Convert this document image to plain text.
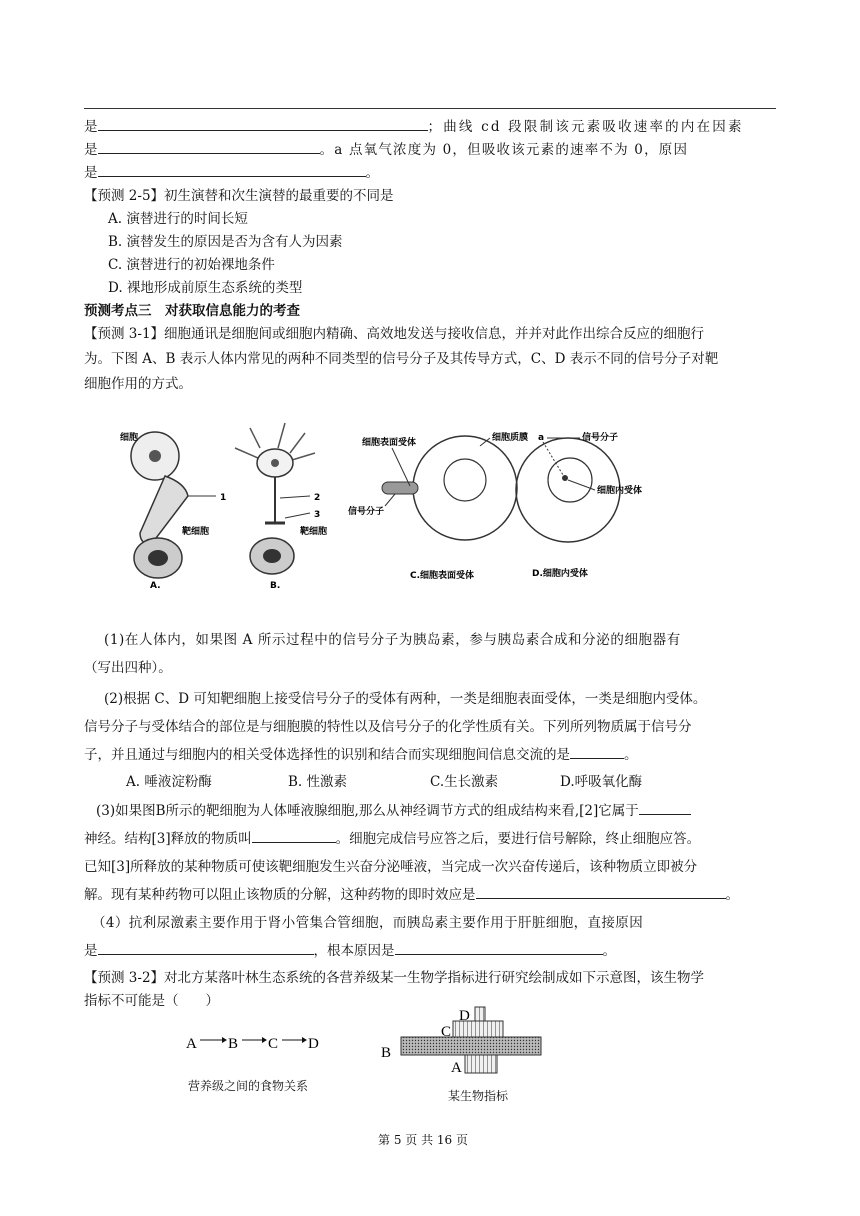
是	；曲线 cd 段限制该元素吸收速率的内在因素
是	。a 点氧气浓度为 0，但吸收该元素的速率不为 0，原因
是	。
【预测 2-5】初生演替和次生演替的最重要的不同是
A. 演替进行的时间长短
B. 演替发生的原因是否为含有人为因素
C. 演替进行的初始裸地条件
D. 裸地形成前原生态系统的类型
预测考点三　对获取信息能力的考查
【预测 3-1】细胞通讯是细胞间或细胞内精确、高效地发送与接收信息，并并对此作出综合反应的细胞行
为。下图 A、B 表示人体内常见的两种不同类型的信号分子及其传导方式，C、D 表示不同的信号分子对靶
细胞作用的方式。
细胞
1
靶细胞
A.
2
3
靶细胞
B.
细胞表面受体	细胞质膜
信号分子
C.细胞表面受体
a	信号分子
细胞内受体
D.细胞内受体
(1)在人体内，如果图 A 所示过程中的信号分子为胰岛素，参与胰岛素合成和分泌的细胞器有
（写出四种）。
(2)根据 C、D 可知靶细胞上接受信号分子的受体有两种，一类是细胞表面受体，一类是细胞内受体。
信号分子与受体结合的部位是与细胞膜的特性以及信号分子的化学性质有关。下列所列物质属于信号分
子，并且通过与细胞内的相关受体选择性的识别和结合而实现细胞间信息交流的是	。
A. 唾液淀粉酶	B. 性激素	C.生长激素	D.呼吸氧化酶
(3)如果图B所示的靶细胞为人体唾液腺细胞,那么从神经调节方式的组成结构来看,[2]它属于
神经。结构[3]释放的物质叫	。细胞完成信号应答之后，要进行信号解除，终止细胞应答。
已知[3]所释放的某种物质可使该靶细胞发生兴奋分泌唾液，当完成一次兴奋传递后，该种物质立即被分
解。现有某种药物可以阻止该物质的分解，这种药物的即时效应是	。
（4）抗利尿激素主要作用于肾小管集合管细胞，而胰岛素主要作用于肝脏细胞，直接原因
是	，根本原因是	。
【预测 3-2】对北方某落叶林生态系统的各营养级某一生物学指标进行研究绘制成如下示意图，该生物学
指标不可能是（　　）
A B C D
营养级之间的食物关系
D
C
B
A
某生物指标
第 5 页 共 16 页
